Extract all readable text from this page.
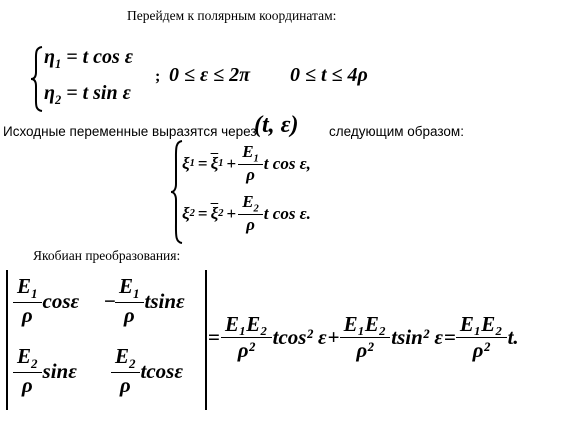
Перейдем к полярным координатам:
$\eta_1 = t$ cos ε
$\eta_2 = t$ sin ε
; 0 ≤ ε ≤ 2π 0 ≤ t ≤ 4ρ
Исходные переменные выразятся через
(t, ε) следующим образом:
ξ $1 = \overline{\xi}$ $1 + \frac{E_1}{\rho}$ t cos ε,
ξ $2 = \overline{\xi}$ $2 + \frac{E_2}{\rho}$ t cos ε.
Якобиан преобразования:
$\frac{E_1}{\rho}$ $\cos\varepsilon - \frac{E_1}{\rho}$ tsinε
$\frac{E_2}{\rho}$ sinε $\frac{E_2}{\rho}$ tcosε
= $\frac{\text{E₁E₂}}{\text{ρ²}} tcos^2$ $\varepsilon + \frac{\text{E₁E₂}}{\text{ρ²}} tsin^2$ $\varepsilon = \frac{\text{E₁E₂}}{\text{ρ²}} t$.
